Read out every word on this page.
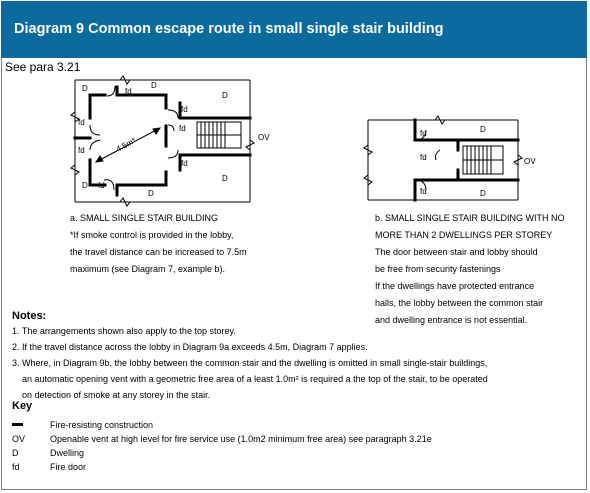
Diagram 9 Common escape route in small single stair building
See para 3.21
D	D
D
D
D
D
fd
fd
fd
fd
fd
fd
fd
OV
4.5m*
D
D
fd
fd
fd
OV
a. SMALL SINGLE STAIR BUILDING
*If smoke control is provided in the lobby,
the travel distance can be increased to 7.5m
maximum (see Diagram 7, example b).
b. SMALL SINGLE STAIR BUILDING WITH NO
MORE THAN 2 DWELLINGS PER STOREY
The door between stair and lobby should
be free from security fastenings
If the dwellings have protected entrance
halls, the lobby between the common stair
and dwelling entrance is not essential.
Notes:
1. The arrangements shown also apply to the top storey.
2. If the travel distance across the lobby in Diagram 9a exceeds 4.5m, Diagram 7 applies.
3. Where, in Diagram 9b, the lobby between the common stair and the dwelling is omitted in small single-stair buildings,
an automatic opening vent with a geometric free area of a least 1.0m² is required a the top of the stair, to be operated
on detection of smoke at any storey in the stair.
Key
Fire-resisting construction
OV	Openable vent at high level for fire service use (1.0m2 minimum free area) see paragraph 3.21e
D	Dwelling
fd	Fire door
